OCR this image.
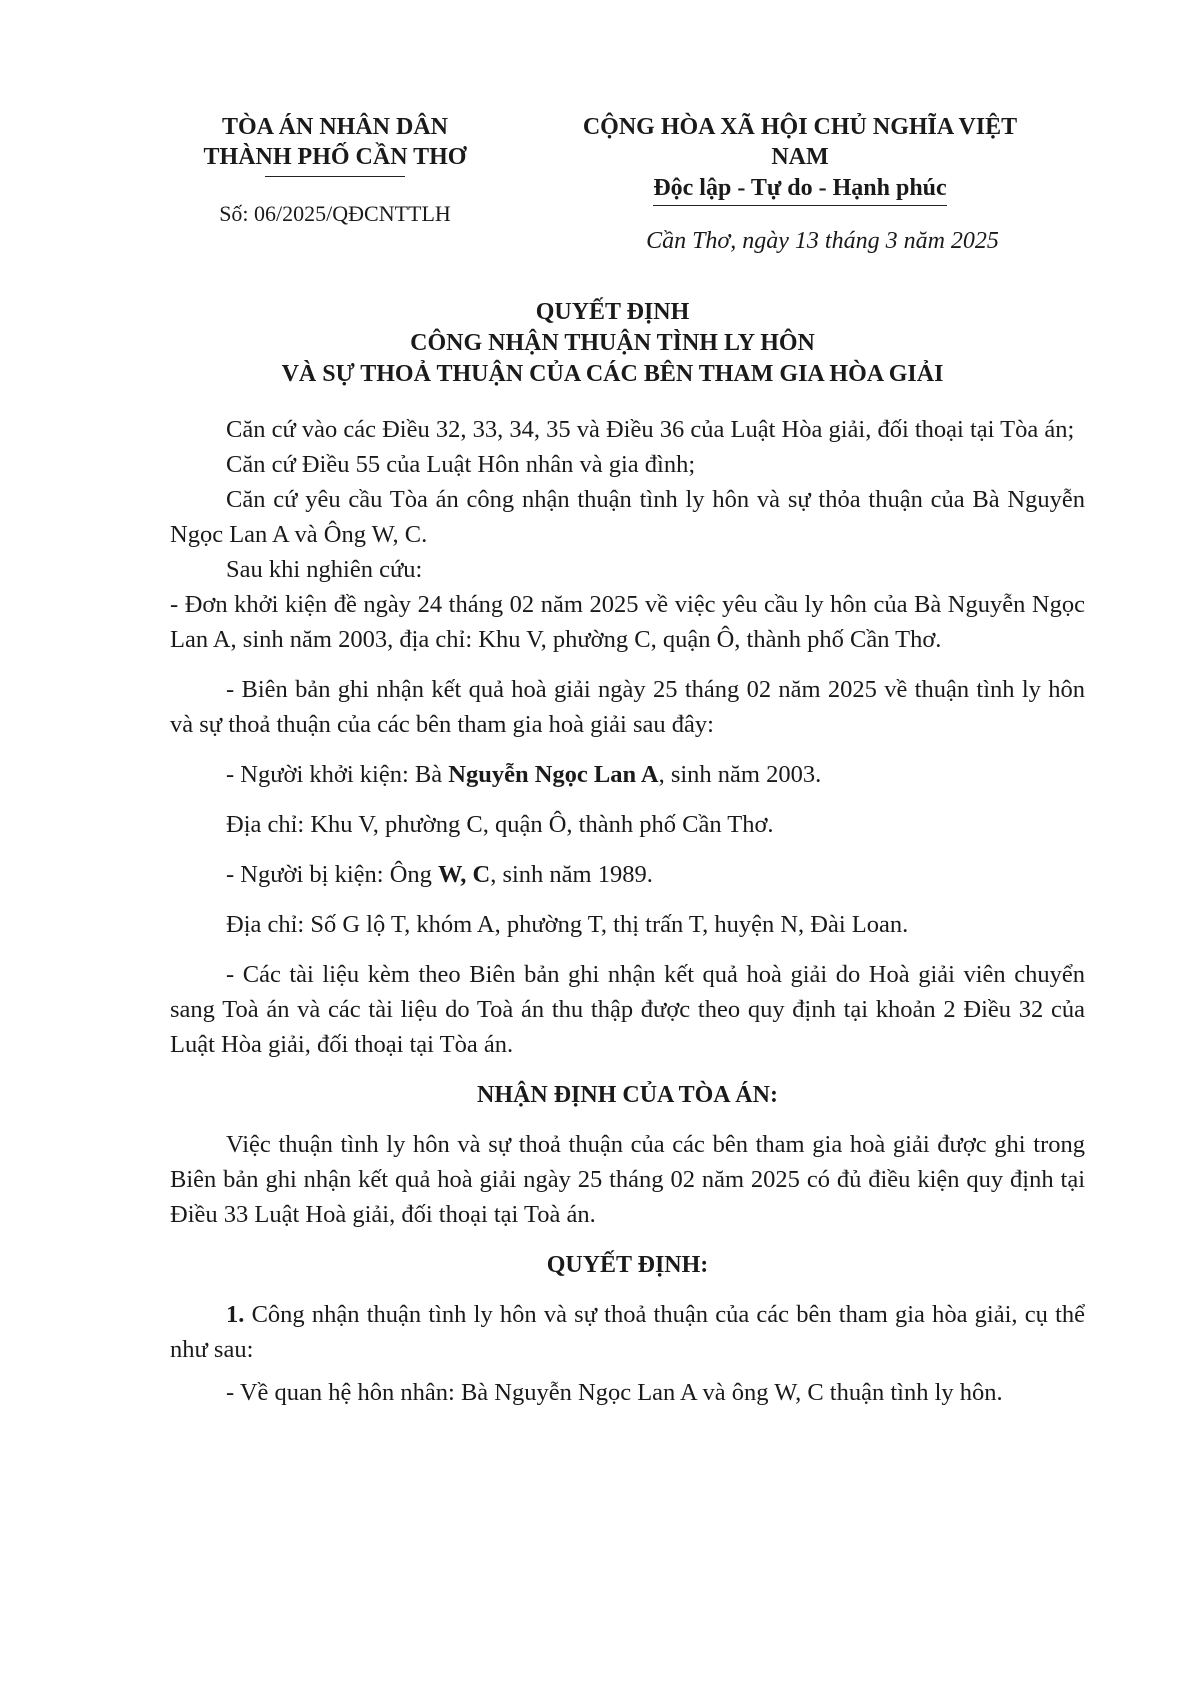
TÒA ÁN NHÂN DÂN
THÀNH PHỐ CẦN THƠ
Số: 06/2025/QĐCNTTLH
CỘNG HÒA XÃ HỘI CHỦ NGHĨA VIỆT
NAM
Độc lập - Tự do - Hạnh phúc
Cần Thơ, ngày 13 tháng 3 năm 2025
QUYẾT ĐỊNH
CÔNG NHẬN THUẬN TÌNH LY HÔN
VÀ SỰ THOẢ THUẬN CỦA CÁC BÊN THAM GIA HÒA GIẢI

Căn cứ vào các Điều 32, 33, 34, 35 và Điều 36 của Luật Hòa giải, đối thoại tại Tòa án;

Căn cứ Điều 55 của Luật Hôn nhân và gia đình;

Căn cứ yêu cầu Tòa án công nhận thuận tình ly hôn và sự thỏa thuận của Bà Nguyễn Ngọc Lan A và Ông W, C.

Sau khi nghiên cứu:

- Đơn khởi kiện đề ngày 24 tháng 02 năm 2025 về việc yêu cầu ly hôn của Bà Nguyễn Ngọc Lan A, sinh năm 2003, địa chỉ: Khu V, phường C, quận Ô, thành phố Cần Thơ.

- Biên bản ghi nhận kết quả hoà giải ngày 25 tháng 02 năm 2025 về thuận tình ly hôn và sự thoả thuận của các bên tham gia hoà giải sau đây:

- Người khởi kiện: Bà Nguyễn Ngọc Lan A, sinh năm 2003.

Địa chỉ: Khu V, phường C, quận Ô, thành phố Cần Thơ.

- Người bị kiện: Ông W, C, sinh năm 1989.

Địa chỉ: Số G lộ T, khóm A, phường T, thị trấn T, huyện N, Đài Loan.

- Các tài liệu kèm theo Biên bản ghi nhận kết quả hoà giải do Hoà giải viên chuyển sang Toà án và các tài liệu do Toà án thu thập được theo quy định tại khoản 2 Điều 32 của Luật Hòa giải, đối thoại tại Tòa án.

NHẬN ĐỊNH CỦA TÒA ÁN:

Việc thuận tình ly hôn và sự thoả thuận của các bên tham gia hoà giải được ghi trong Biên bản ghi nhận kết quả hoà giải ngày 25 tháng 02 năm 2025 có đủ điều kiện quy định tại Điều 33 Luật Hoà giải, đối thoại tại Toà án.

QUYẾT ĐỊNH:

1. Công nhận thuận tình ly hôn và sự thoả thuận của các bên tham gia hòa giải, cụ thể như sau:

- Về quan hệ hôn nhân: Bà Nguyễn Ngọc Lan A và ông W, C thuận tình ly hôn.
